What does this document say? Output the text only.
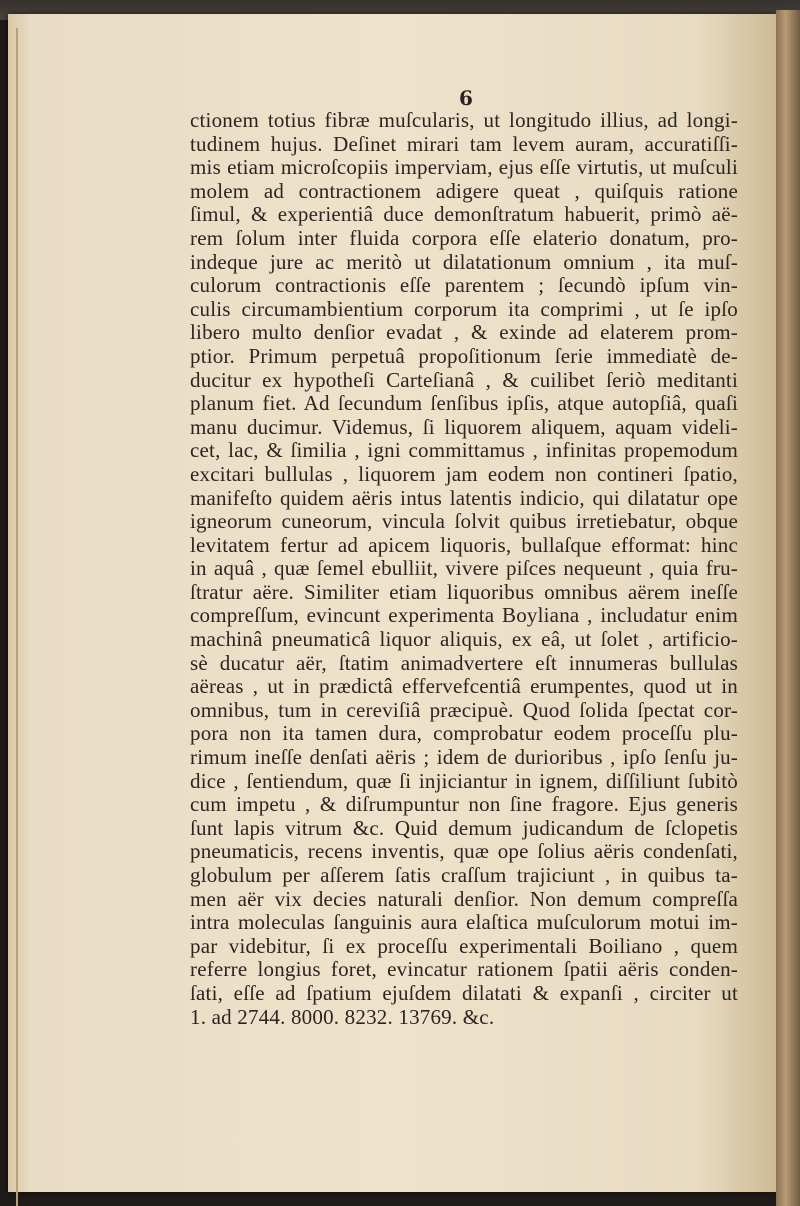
6

ctionem totius fibræ muſcularis, ut longitudo illius, ad longi-
tudinem hujus. Deſinet mirari tam levem auram, accuratiſſi-
mis etiam microſcopiis imperviam, ejus eſſe virtutis, ut muſculi
molem ad contractionem adigere queat , quiſquis ratione
ſimul, & experientiâ duce demonſtratum habuerit, primò aë-
rem ſolum inter fluida corpora eſſe elaterio donatum, pro-
indeque jure ac meritò ut dilatationum omnium , ita muſ-
culorum contractionis eſſe parentem ; ſecundò ipſum vin-
culis circumambientium corporum ita comprimi , ut ſe ipſo
libero multo denſior evadat , & exinde ad elaterem prom-
ptior. Primum perpetuâ propoſitionum ſerie immediatè de-
ducitur ex hypotheſi Carteſianâ , & cuilibet ſeriò meditanti
planum fiet. Ad ſecundum ſenſibus ipſis, atque autopſiâ, quaſi
manu ducimur. Videmus, ſi liquorem aliquem, aquam videli-
cet, lac, & ſimilia , igni committamus , infinitas propemodum
excitari bullulas , liquorem jam eodem non contineri ſpatio,
manifeſto quidem aëris intus latentis indicio, qui dilatatur ope
igneorum cuneorum, vincula ſolvit quibus irretiebatur, obque
levitatem fertur ad apicem liquoris, bullaſque efformat: hinc
in aquâ , quæ ſemel ebulliit, vivere piſces nequeunt , quia fru-
ſtratur aëre. Similiter etiam liquoribus omnibus aërem ineſſe
compreſſum, evincunt experimenta Boyliana , includatur enim
machinâ pneumaticâ liquor aliquis, ex eâ, ut ſolet , artificio-
sè ducatur aër, ſtatim animadvertere eſt innumeras bullulas
aëreas , ut in prædictâ effervefcentiâ erumpentes, quod ut in
omnibus, tum in cereviſiâ præcipuè. Quod ſolida ſpectat cor-
pora non ita tamen dura, comprobatur eodem proceſſu plu-
rimum ineſſe denſati aëris ; idem de durioribus , ipſo ſenſu ju-
dice , ſentiendum, quæ ſi injiciantur in ignem, diſſiliunt ſubitò
cum impetu , & diſrumpuntur non ſine fragore. Ejus generis
ſunt lapis vitrum &c. Quid demum judicandum de ſclopetis
pneumaticis, recens inventis, quæ ope ſolius aëris condenſati,
globulum per aſſerem ſatis craſſum trajiciunt , in quibus ta-
men aër vix decies naturali denſior. Non demum compreſſa
intra moleculas ſanguinis aura elaſtica muſculorum motui im-
par videbitur, ſi ex proceſſu experimentali Boiliano , quem
referre longius foret, evincatur rationem ſpatii aëris conden-
ſati, eſſe ad ſpatium ejuſdem dilatati & expanſi , circiter ut
1. ad 2744. 8000. 8232. 13769. &c.
